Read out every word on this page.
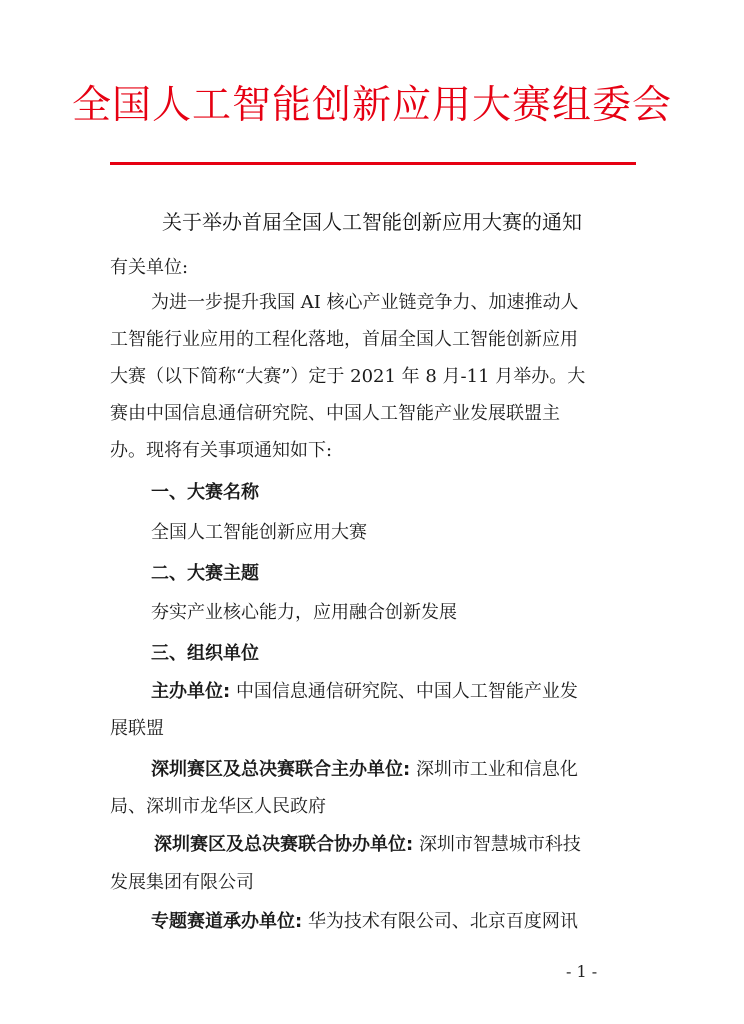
全国人工智能创新应用大赛组委会
关于举办首届全国人工智能创新应用大赛的通知
有关单位:
为进一步提升我国 AI 核心产业链竞争力、加速推动人
工智能行业应用的工程化落地，首届全国人工智能创新应用
大赛（以下简称“大赛”）定于 2021 年 8 月-11 月举办。大
赛由中国信息通信研究院、中国人工智能产业发展联盟主
办。现将有关事项通知如下:
一、大赛名称
全国人工智能创新应用大赛
二、大赛主题
夯实产业核心能力，应用融合创新发展
三、组织单位
主办单位: 中国信息通信研究院、中国人工智能产业发
展联盟
深圳赛区及总决赛联合主办单位: 深圳市工业和信息化
局、深圳市龙华区人民政府
深圳赛区及总决赛联合协办单位: 深圳市智慧城市科技
发展集团有限公司
专题赛道承办单位: 华为技术有限公司、北京百度网讯
- 1 -
